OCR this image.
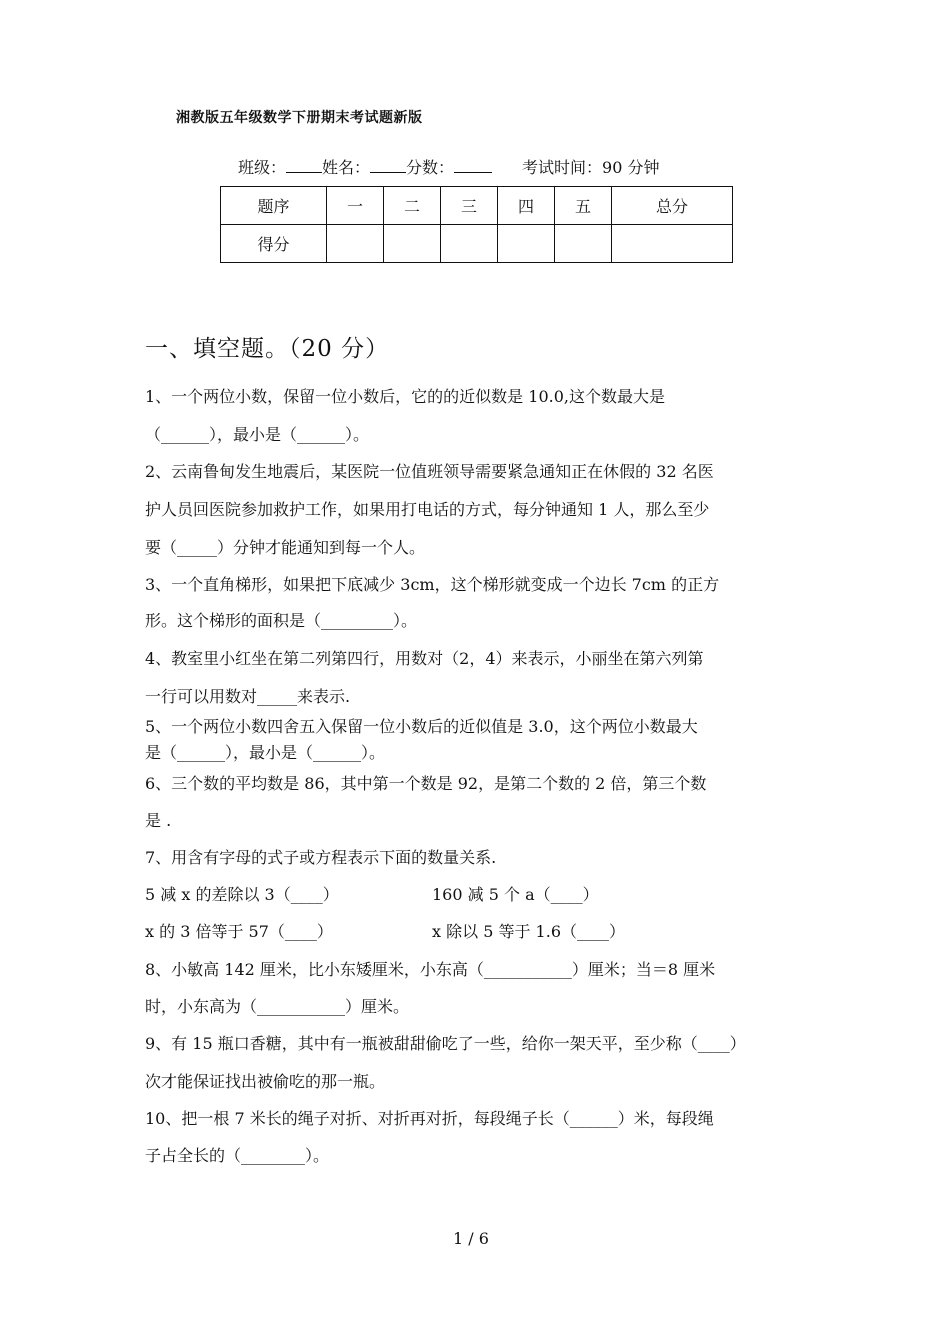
湘教版五年级数学下册期末考试题新版
班级： 姓名： 分数：	考试时间：90 分钟
题序	一	二	三	四	五	总分
得分						
一、填空题。（20 分）
1、一个两位小数，保留一位小数后，它的的近似数是 10.0,这个数最大是
（______），最小是（______）。
2、云南鲁甸发生地震后，某医院一位值班领导需要紧急通知正在休假的 32 名医
护人员回医院参加救护工作，如果用打电话的方式，每分钟通知 1 人，那么至少
要（_____）分钟才能通知到每一个人。
3、一个直角梯形，如果把下底减少 3cm，这个梯形就变成一个边长 7cm 的正方
形。这个梯形的面积是（_________）。
4、教室里小红坐在第二列第四行，用数对（2，4）来表示，小丽坐在第六列第
一行可以用数对_____来表示.
5、一个两位小数四舍五入保留一位小数后的近似值是 3.0，这个两位小数最大
是（______），最小是（______）。
6、三个数的平均数是 86，其中第一个数是 92，是第二个数的 2 倍，第三个数
是 .
7、用含有字母的式子或方程表示下面的数量关系.
5 减 x 的差除以 3（____）	160 减 5 个 a（____）
x 的 3 倍等于 57（____）	x 除以 5 等于 1.6（____）
8、小敏高 142 厘米，比小东矮厘米，小东高（___________）厘米；当＝8 厘米
时，小东高为（___________）厘米。
9、有 15 瓶口香糖，其中有一瓶被甜甜偷吃了一些，给你一架天平，至少称（____）
次才能保证找出被偷吃的那一瓶。
10、把一根 7 米长的绳子对折、对折再对折，每段绳子长（______）米，每段绳
子占全长的（________）。
1 / 6
